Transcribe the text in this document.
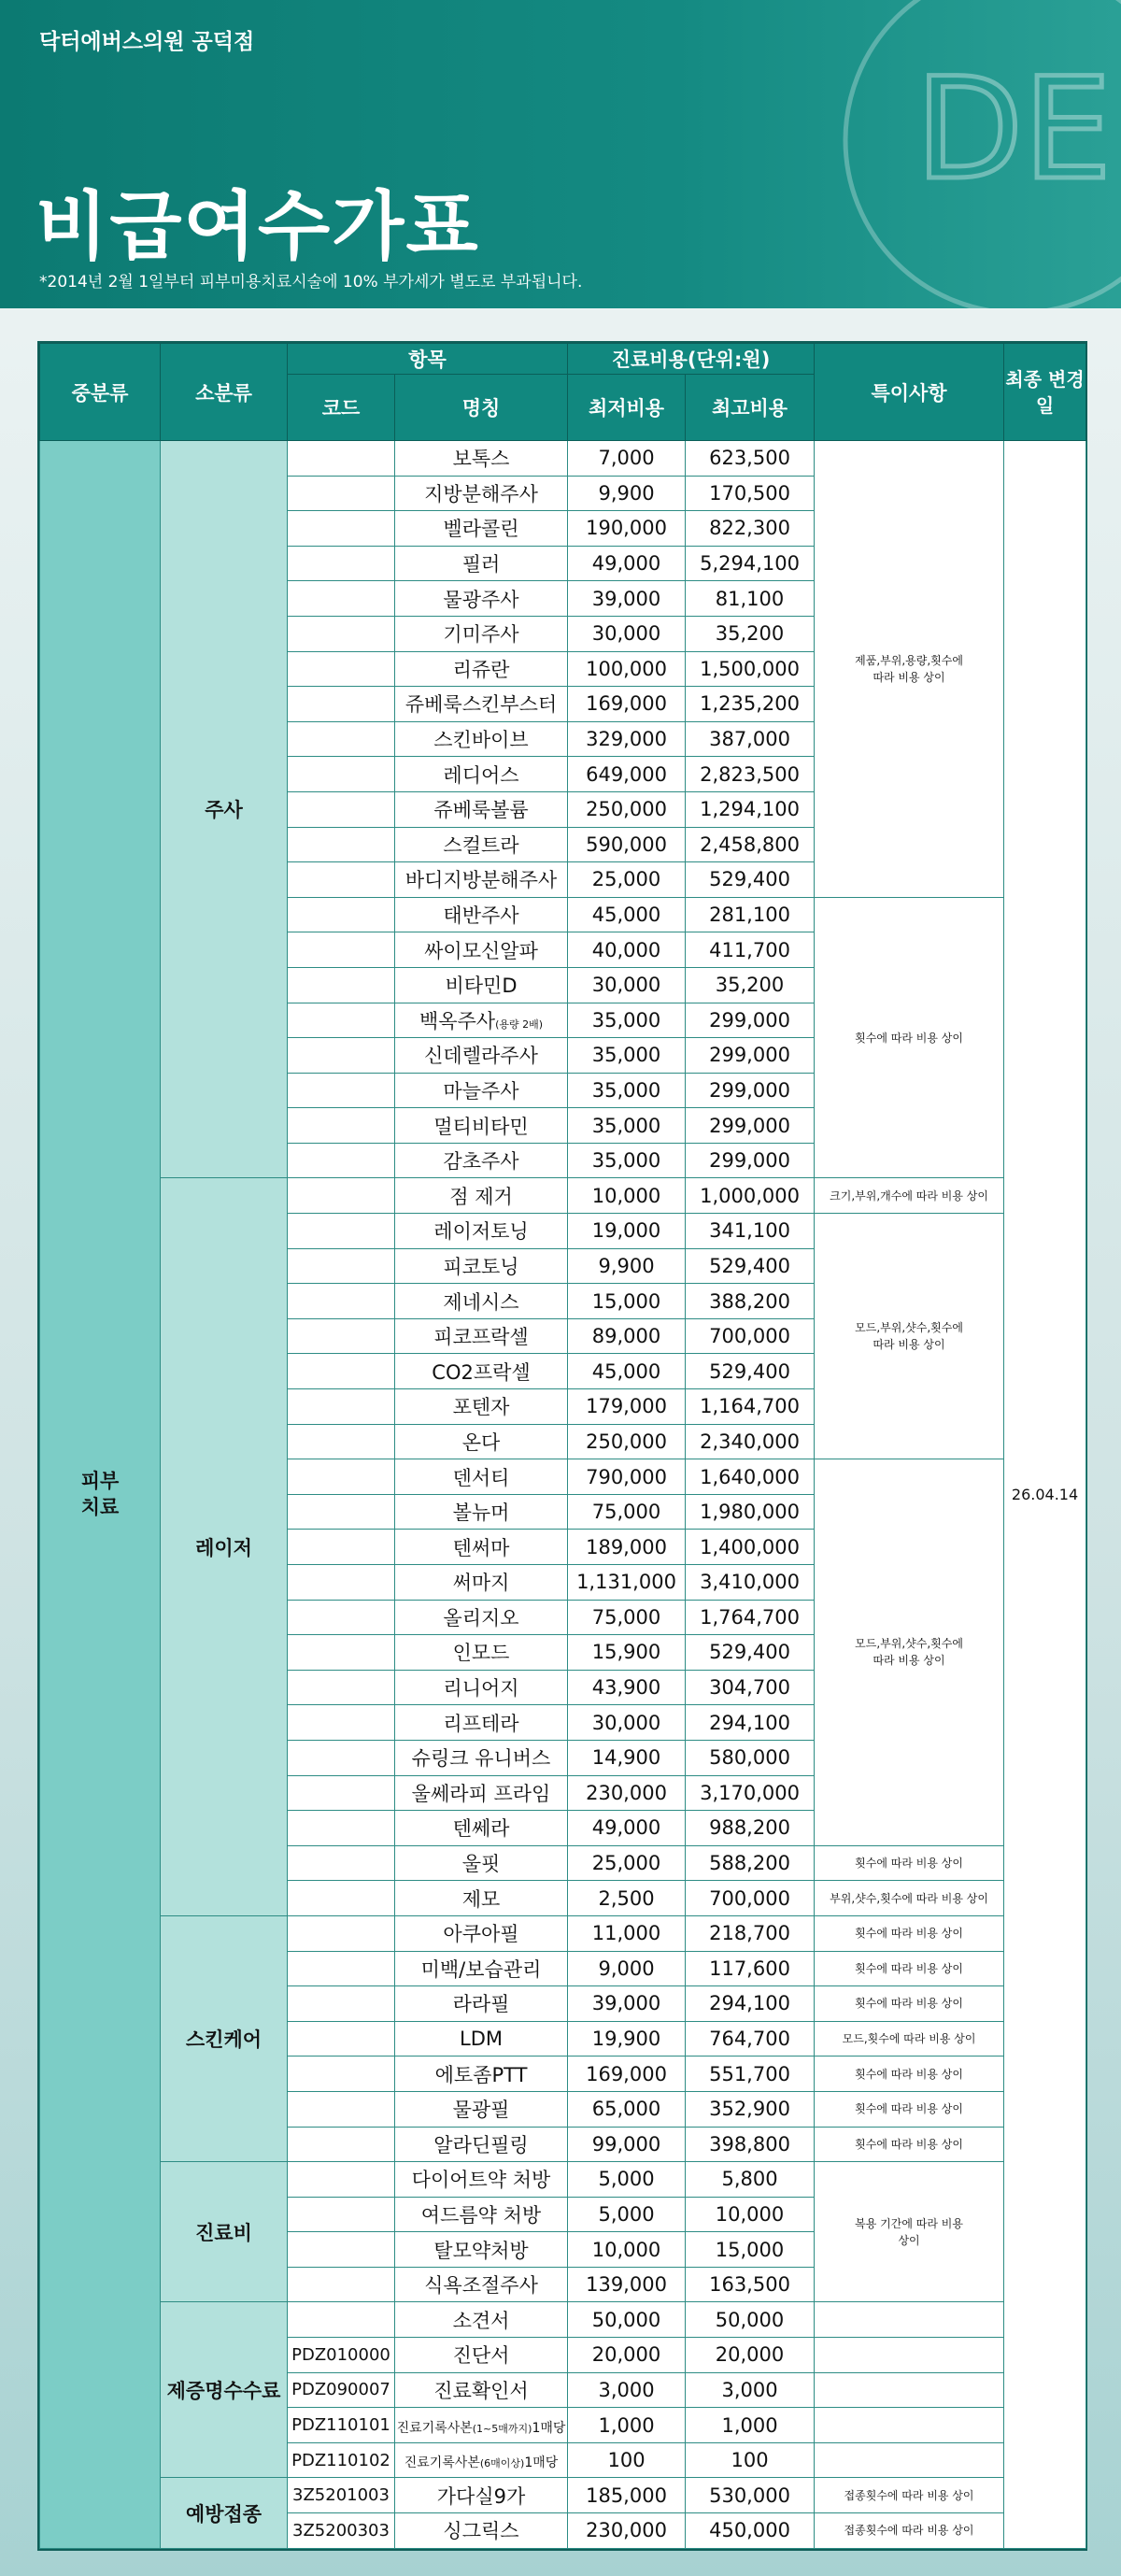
닥터에버스의원 공덕점
비급여수가표
*2014년 2월 1일부터 피부미용치료시술에 10% 부가세가 별도로 부과됩니다.
DE
중분류	소분류	항목		진료비용(단위:원)		특이사항	최종 변경일
		코드	명칭	최저비용	최고비용		
피부 치료	주사		보톡스	7,000	623,500	제품,부위,용량,횟수에 따라 비용 상이	26.04.14
			지방분해주사	9,900	170,500		
			벨라콜린	190,000	822,300		
			필러	49,000	5,294,100		
			물광주사	39,000	81,100		
			기미주사	30,000	35,200		
			리쥬란	100,000	1,500,000		
			쥬베룩스킨부스터	169,000	1,235,200		
			스킨바이브	329,000	387,000		
			레디어스	649,000	2,823,500		
			쥬베룩볼륨	250,000	1,294,100		
			스컬트라	590,000	2,458,800		
			바디지방분해주사	25,000	529,400		
			태반주사	45,000	281,100	횟수에 따라 비용 상이	
			싸이모신알파	40,000	411,700		
			비타민D	30,000	35,200		
			백옥주사(용량 2배)	35,000	299,000		
			신데렐라주사	35,000	299,000		
			마늘주사	35,000	299,000		
			멀티비타민	35,000	299,000		
			감초주사	35,000	299,000		
	레이저		점 제거	10,000	1,000,000	크기,부위,개수에 따라 비용 상이	
			레이저토닝	19,000	341,100	모드,부위,샷수,횟수에 따라 비용 상이	
			피코토닝	9,900	529,400		
			제네시스	15,000	388,200		
			피코프락셀	89,000	700,000		
			CO2프락셀	45,000	529,400		
			포텐자	179,000	1,164,700		
			온다	250,000	2,340,000		
			덴서티	790,000	1,640,000	모드,부위,샷수,횟수에 따라 비용 상이	
			볼뉴머	75,000	1,980,000		
			텐써마	189,000	1,400,000		
			써마지	1,131,000	3,410,000		
			올리지오	75,000	1,764,700		
			인모드	15,900	529,400		
			리니어지	43,900	304,700		
			리프테라	30,000	294,100		
			슈링크 유니버스	14,900	580,000		
			울쎄라피 프라임	230,000	3,170,000		
			텐쎄라	49,000	988,200		
			울핏	25,000	588,200	횟수에 따라 비용 상이	
			제모	2,500	700,000	부위,샷수,횟수에 따라 비용 상이	
	스킨케어		아쿠아필	11,000	218,700	횟수에 따라 비용 상이	
			미백/보습관리	9,000	117,600	횟수에 따라 비용 상이	
			라라필	39,000	294,100	횟수에 따라 비용 상이	
			LDM	19,900	764,700	모드,횟수에 따라 비용 상이	
			에토좀PTT	169,000	551,700	횟수에 따라 비용 상이	
			물광필	65,000	352,900	횟수에 따라 비용 상이	
			알라딘필링	99,000	398,800	횟수에 따라 비용 상이	
	진료비		다이어트약 처방	5,000	5,800	복용 기간에 따라 비용 상이	
			여드름약 처방	5,000	10,000		
			탈모약처방	10,000	15,000		
			식욕조절주사	139,000	163,500		
	제증명수수료		소견서	50,000	50,000		
		PDZ010000	진단서	20,000	20,000		
		PDZ090007	진료확인서	3,000	3,000		
		PDZ110101	진료기록사본(1~5매까지)1매당	1,000	1,000		
		PDZ110102	진료기록사본(6매이상)1매당	100	100		
	예방접종	3Z5201003	가다실9가	185,000	530,000	접종횟수에 따라 비용 상이	
		3Z5200303	싱그릭스	230,000	450,000	접종횟수에 따라 비용 상이	
